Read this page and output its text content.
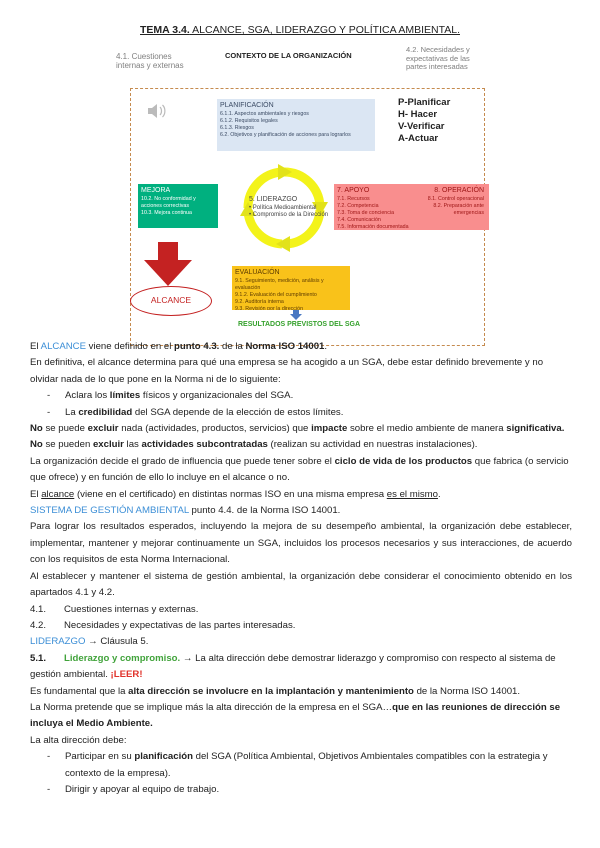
TEMA 3.4. ALCANCE, SGA, LIDERAZGO Y POLÍTICA AMBIENTAL.
4.1. Cuestiones
internas y externas
CONTEXTO DE LA ORGANIZACIÓN
4.2. Necesidades y
expectativas de las
partes interesadas
PLANIFICACIÓN
6.1.1. Aspectos ambientales y riesgos
6.1.2. Requisitos legales
6.1.3. Riesgos
6.2. Objetivos y planificación de acciones para lograrlos
P-Planificar
H- Hacer
V-Verificar
A-Actuar
5. LIDERAZGO
• Política Medioambiental
• Compromiso de la Dirección
MEJORA
10.2. No conformidad y acciones correctivas
10.3. Mejora continua
7. APOYO
7.1. Recursos
7.2. Competencia
7.3. Toma de conciencia
7.4. Comunicación
7.5. Información documentada
8. OPERACIÓN
8.1. Control operacional
8.2. Preparación ante emergencias
EVALUACIÓN
9.1. Seguimiento, medición, análisis y evaluación
9.1.2. Evaluación del cumplimiento
9.2. Auditoría interna
9.3. Revisión por la dirección
ALCANCE
RESULTADOS PREVISTOS DEL SGA

El ALCANCE viene definido en el punto 4.3. de la Norma ISO 14001.

En definitiva, el alcance determina para qué una empresa se ha acogido a un SGA, debe estar definido brevemente y no olvidar nada de lo que pone en la Norma ni de lo siguiente:

- Aclara los límites físicos y organizacionales del SGA.

- La credibilidad del SGA depende de la elección de estos límites.

No se puede excluir nada (actividades, productos, servicios) que impacte sobre el medio ambiente de manera significativa.

No se pueden excluir las actividades subcontratadas (realizan su actividad en nuestras instalaciones).

La organización decide el grado de influencia que puede tener sobre el ciclo de vida de los productos que fabrica (o servicio que ofrece) y en función de ello lo incluye en el alcance o no.

El alcance (viene en el certificado) en distintas normas ISO en una misma empresa es el mismo.

SISTEMA DE GESTIÓN AMBIENTAL punto 4.4. de la Norma ISO 14001.

Para lograr los resultados esperados, incluyendo la mejora de su desempeño ambiental, la organización debe establecer, implementar, mantener y mejorar continuamente un SGA, incluidos los procesos necesarios y sus interacciones, de acuerdo con los requisitos de esta Norma Internacional.

Al establecer y mantener el sistema de gestión ambiental, la organización debe considerar el conocimiento obtenido en los apartados 4.1 y 4.2.

4.1. Cuestiones internas y externas.

4.2. Necesidades y expectativas de las partes interesadas.

LIDERAZGO → Cláusula 5.

5.1. Liderazgo y compromiso. → La alta dirección debe demostrar liderazgo y compromiso con respecto al sistema de gestión ambiental. ¡LEER!

Es fundamental que la alta dirección se involucre en la implantación y mantenimiento de la Norma ISO 14001.

La Norma pretende que se implique más la alta dirección de la empresa en el SGA…que en las reuniones de dirección se incluya el Medio Ambiente.

La alta dirección debe:

- Participar en su planificación del SGA (Política Ambiental, Objetivos Ambientales compatibles con la estrategia y contexto de la empresa).

- Dirigir y apoyar al equipo de trabajo.
